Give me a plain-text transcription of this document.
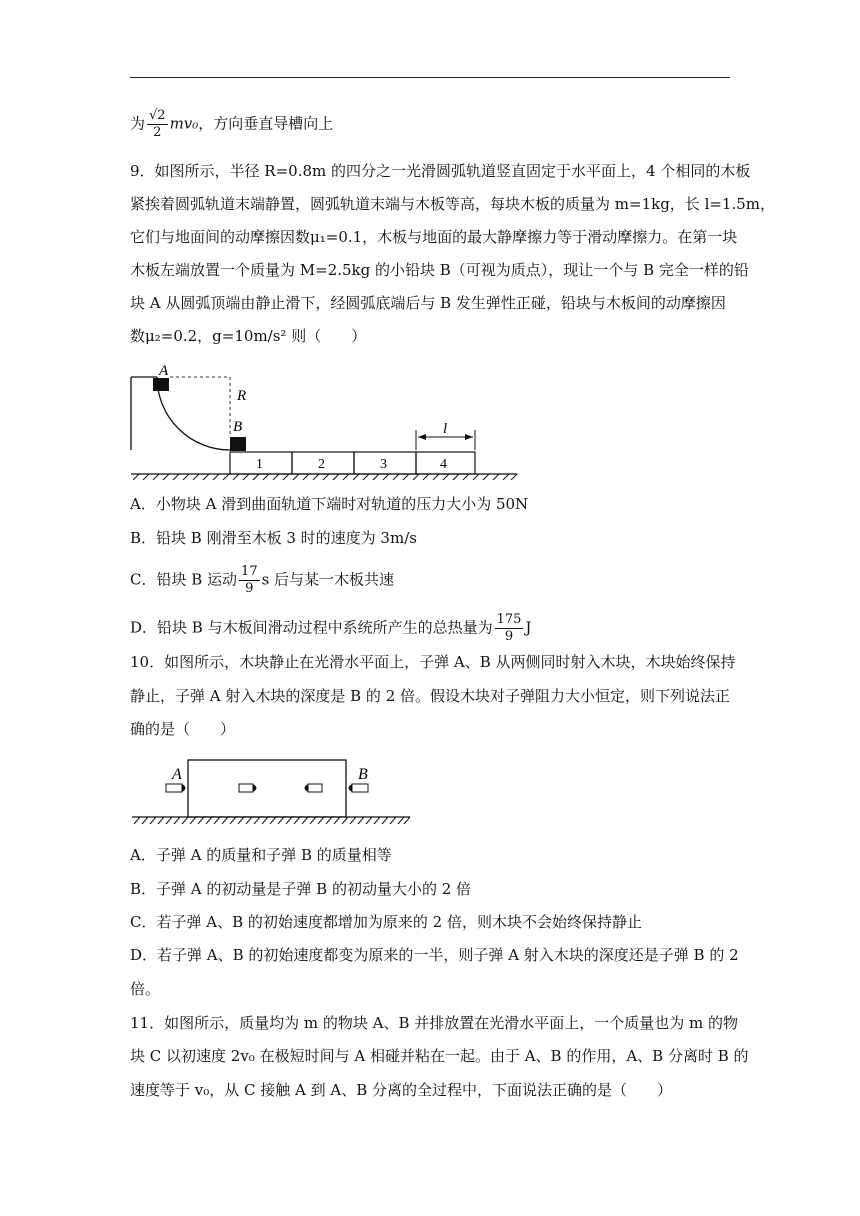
为 $\frac{√2}{2} mv_0$，方向垂直导槽向上
9．如图所示，半径 R=0.8m 的四分之一光滑圆弧轨道竖直固定于水平面上，4 个相同的木板
紧挨着圆弧轨道末端静置，圆弧轨道末端与木板等高，每块木板的质量为 m=1kg，长 l=1.5m，
它们与地面间的动摩擦因数μ₁=0.1，木板与地面的最大静摩擦力等于滑动摩擦力。在第一块
木板左端放置一个质量为 M=2.5kg 的小铅块 B（可视为质点），现让一个与 B 完全一样的铅
块 A 从圆弧顶端由静止滑下，经圆弧底端后与 B 发生弹性正碰，铅块与木板间的动摩擦因
数μ₂=0.2，g=10m/s² 则（　　）
A
R
B
1	2	3	4
l
A．小物块 A 滑到曲面轨道下端时对轨道的压力大小为 50N
B．铅块 B 刚滑至木板 3 时的速度为 3m/s
C．铅块 B 运动 $\frac{17}{9}$ s 后与某一木板共速
D．铅块 B 与木板间滑动过程中系统所产生的总热量为 $\frac{175}{9}$ J
10．如图所示，木块静止在光滑水平面上，子弹 A、B 从两侧同时射入木块，木块始终保持
静止，子弹 A 射入木块的深度是 B 的 2 倍。假设木块对子弹阻力大小恒定，则下列说法正
确的是（　　）
A	B
A．子弹 A 的质量和子弹 B 的质量相等
B．子弹 A 的初动量是子弹 B 的初动量大小的 2 倍
C．若子弹 A、B 的初始速度都增加为原来的 2 倍，则木块不会始终保持静止
D．若子弹 A、B 的初始速度都变为原来的一半，则子弹 A 射入木块的深度还是子弹 B 的 2
倍。
11．如图所示，质量均为 m 的物块 A、B 并排放置在光滑水平面上，一个质量也为 m 的物
块 C 以初速度 2v₀ 在极短时间与 A 相碰并粘在一起。由于 A、B 的作用，A、B 分离时 B 的
速度等于 v₀，从 C 接触 A 到 A、B 分离的全过程中，下面说法正确的是（　　）
